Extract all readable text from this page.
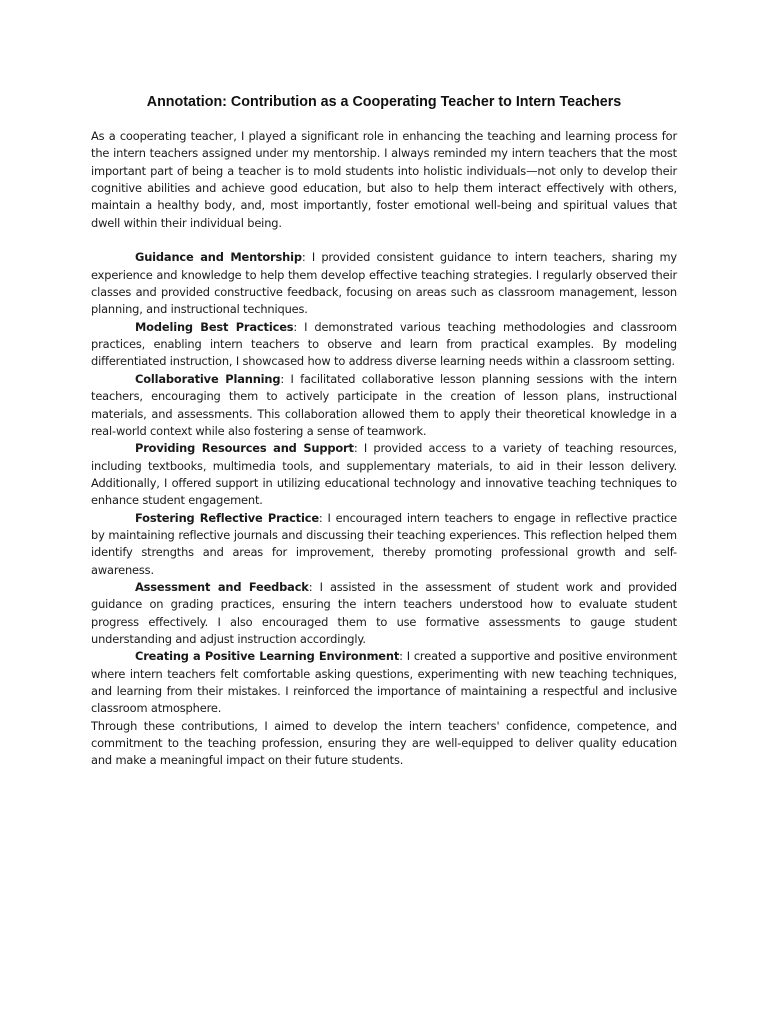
Annotation: Contribution as a Cooperating Teacher to Intern Teachers

As a cooperating teacher, I played a significant role in enhancing the teaching and learning process for the intern teachers assigned under my mentorship. I always reminded my intern teachers that the most important part of being a teacher is to mold students into holistic individuals—not only to develop their cognitive abilities and achieve good education, but also to help them interact effectively with others, maintain a healthy body, and, most importantly, foster emotional well-being and spiritual values that dwell within their individual being.

Guidance and Mentorship: I provided consistent guidance to intern teachers, sharing my experience and knowledge to help them develop effective teaching strategies. I regularly observed their classes and provided constructive feedback, focusing on areas such as classroom management, lesson planning, and instructional techniques.

Modeling Best Practices: I demonstrated various teaching methodologies and classroom practices, enabling intern teachers to observe and learn from practical examples. By modeling differentiated instruction, I showcased how to address diverse learning needs within a classroom setting.

Collaborative Planning: I facilitated collaborative lesson planning sessions with the intern teachers, encouraging them to actively participate in the creation of lesson plans, instructional materials, and assessments. This collaboration allowed them to apply their theoretical knowledge in a real-world context while also fostering a sense of teamwork.

Providing Resources and Support: I provided access to a variety of teaching resources, including textbooks, multimedia tools, and supplementary materials, to aid in their lesson delivery. Additionally, I offered support in utilizing educational technology and innovative teaching techniques to enhance student engagement.

Fostering Reflective Practice: I encouraged intern teachers to engage in reflective practice by maintaining reflective journals and discussing their teaching experiences. This reflection helped them identify strengths and areas for improvement, thereby promoting professional growth and self-awareness.

Assessment and Feedback: I assisted in the assessment of student work and provided guidance on grading practices, ensuring the intern teachers understood how to evaluate student progress effectively. I also encouraged them to use formative assessments to gauge student understanding and adjust instruction accordingly.

Creating a Positive Learning Environment: I created a supportive and positive environment where intern teachers felt comfortable asking questions, experimenting with new teaching techniques, and learning from their mistakes. I reinforced the importance of maintaining a respectful and inclusive classroom atmosphere.

Through these contributions, I aimed to develop the intern teachers' confidence, competence, and commitment to the teaching profession, ensuring they are well-equipped to deliver quality education and make a meaningful impact on their future students.
